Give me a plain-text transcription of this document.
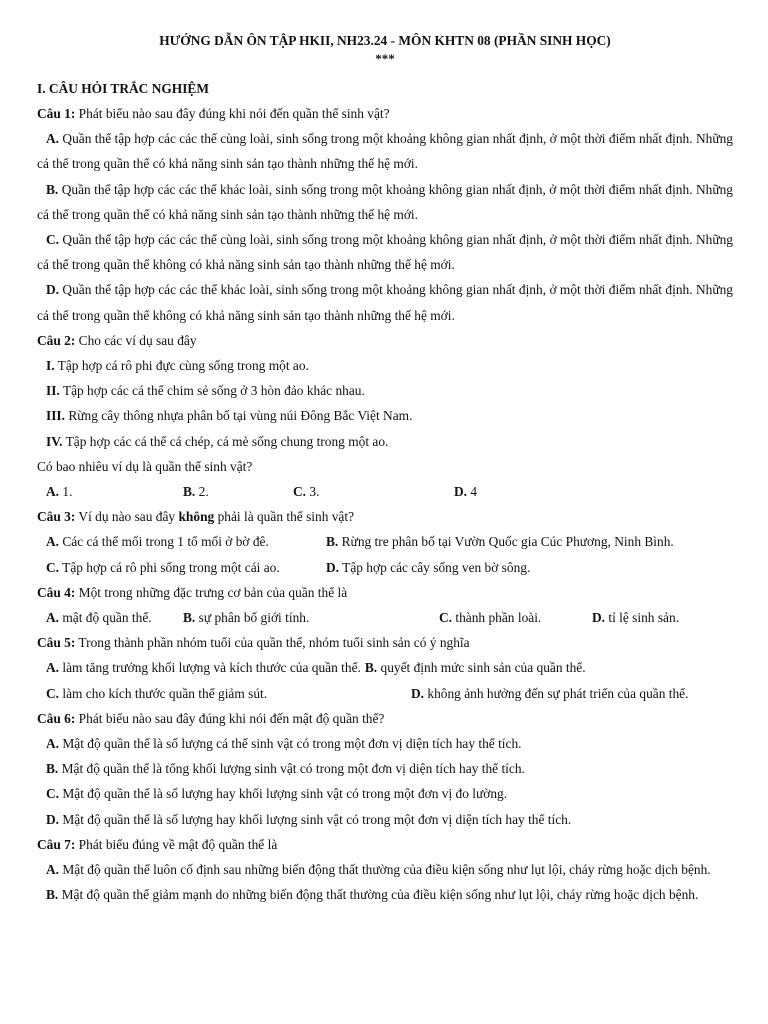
HƯỚNG DẪN ÔN TẬP HKII, NH23.24 - MÔN KHTN 08 (PHẦN SINH HỌC)
***
I. CÂU HỎI TRẮC NGHIỆM
Câu 1: Phát biểu nào sau đây đúng khi nói đến quần thể sinh vật?
A. Quần thể tập hợp các các thể cùng loài, sinh sống trong một khoảng không gian nhất định, ở một thời điểm nhất định. Những cá thể trong quần thể có khả năng sinh sản tạo thành những thế hệ mới.
B. Quần thể tập hợp các các thể khác loài, sinh sống trong một khoảng không gian nhất định, ở một thời điểm nhất định. Những cá thể trong quần thể có khả năng sinh sản tạo thành những thế hệ mới.
C. Quần thể tập hợp các các thể cùng loài, sinh sống trong một khoảng không gian nhất định, ở một thời điểm nhất định. Những cá thể trong quần thể không có khả năng sinh sản tạo thành những thế hệ mới.
D. Quần thể tập hợp các các thể khác loài, sinh sống trong một khoảng không gian nhất định, ở một thời điểm nhất định. Những cá thể trong quần thể không có khả năng sinh sản tạo thành những thế hệ mới.
Câu 2: Cho các ví dụ sau đây
I. Tập hợp cá rô phi đực cùng sống trong một ao.
II. Tập hợp các cá thể chim sẻ sống ở 3 hòn đảo khác nhau.
III. Rừng cây thông nhựa phân bố tại vùng núi Đông Bắc Việt Nam.
IV. Tập hợp các cá thể cá chép, cá mè sống chung trong một ao.
Có bao nhiêu ví dụ là quần thể sinh vật?
A. 1.	B. 2.	C. 3.	D. 4
Câu 3: Ví dụ nào sau đây không phải là quần thể sinh vật?
A. Các cá thể mối trong 1 tổ mối ở bờ đê.	B. Rừng tre phân bố tại Vườn Quốc gia Cúc Phương, Ninh Bình.
C. Tập hợp cá rô phi sống trong một cái ao.	D. Tập hợp các cây sống ven bờ sông.
Câu 4: Một trong những đặc trưng cơ bản của quần thể là
A. mật độ quần thể.	B. sự phân bố giới tính.	C. thành phần loài.	D. tỉ lệ sinh sản.
Câu 5: Trong thành phần nhóm tuổi của quần thể, nhóm tuổi sinh sản có ý nghĩa
A. làm tăng trưởng khối lượng và kích thước của quần thể. B. quyết định mức sinh sản của quần thể.
C. làm cho kích thước quần thể giảm sút.	D. không ảnh hưởng đến sự phát triển của quần thể.
Câu 6: Phát biểu nào sau đây đúng khi nói đến mật độ quần thể?
A. Mật độ quần thể là số lượng cá thể sinh vật có trong một đơn vị diện tích hay thể tích.
B. Mật độ quần thể là tổng khối lượng sinh vật có trong một đơn vị diện tích hay thể tích.
C. Mật độ quần thể là số lượng hay khối lượng sinh vật có trong một đơn vị đo lường.
D. Mật độ quần thể là số lượng hay khối lượng sinh vật có trong một đơn vị diện tích hay thể tích.
Câu 7: Phát biểu đúng về mật độ quần thể là
A. Mật độ quần thể luôn cố định sau những biến động thất thường của điều kiện sống như lụt lội, cháy rừng hoặc dịch bệnh.
B. Mật độ quần thể giảm mạnh do những biến động thất thường của điều kiện sống như lụt lội, cháy rừng hoặc dịch bệnh.
